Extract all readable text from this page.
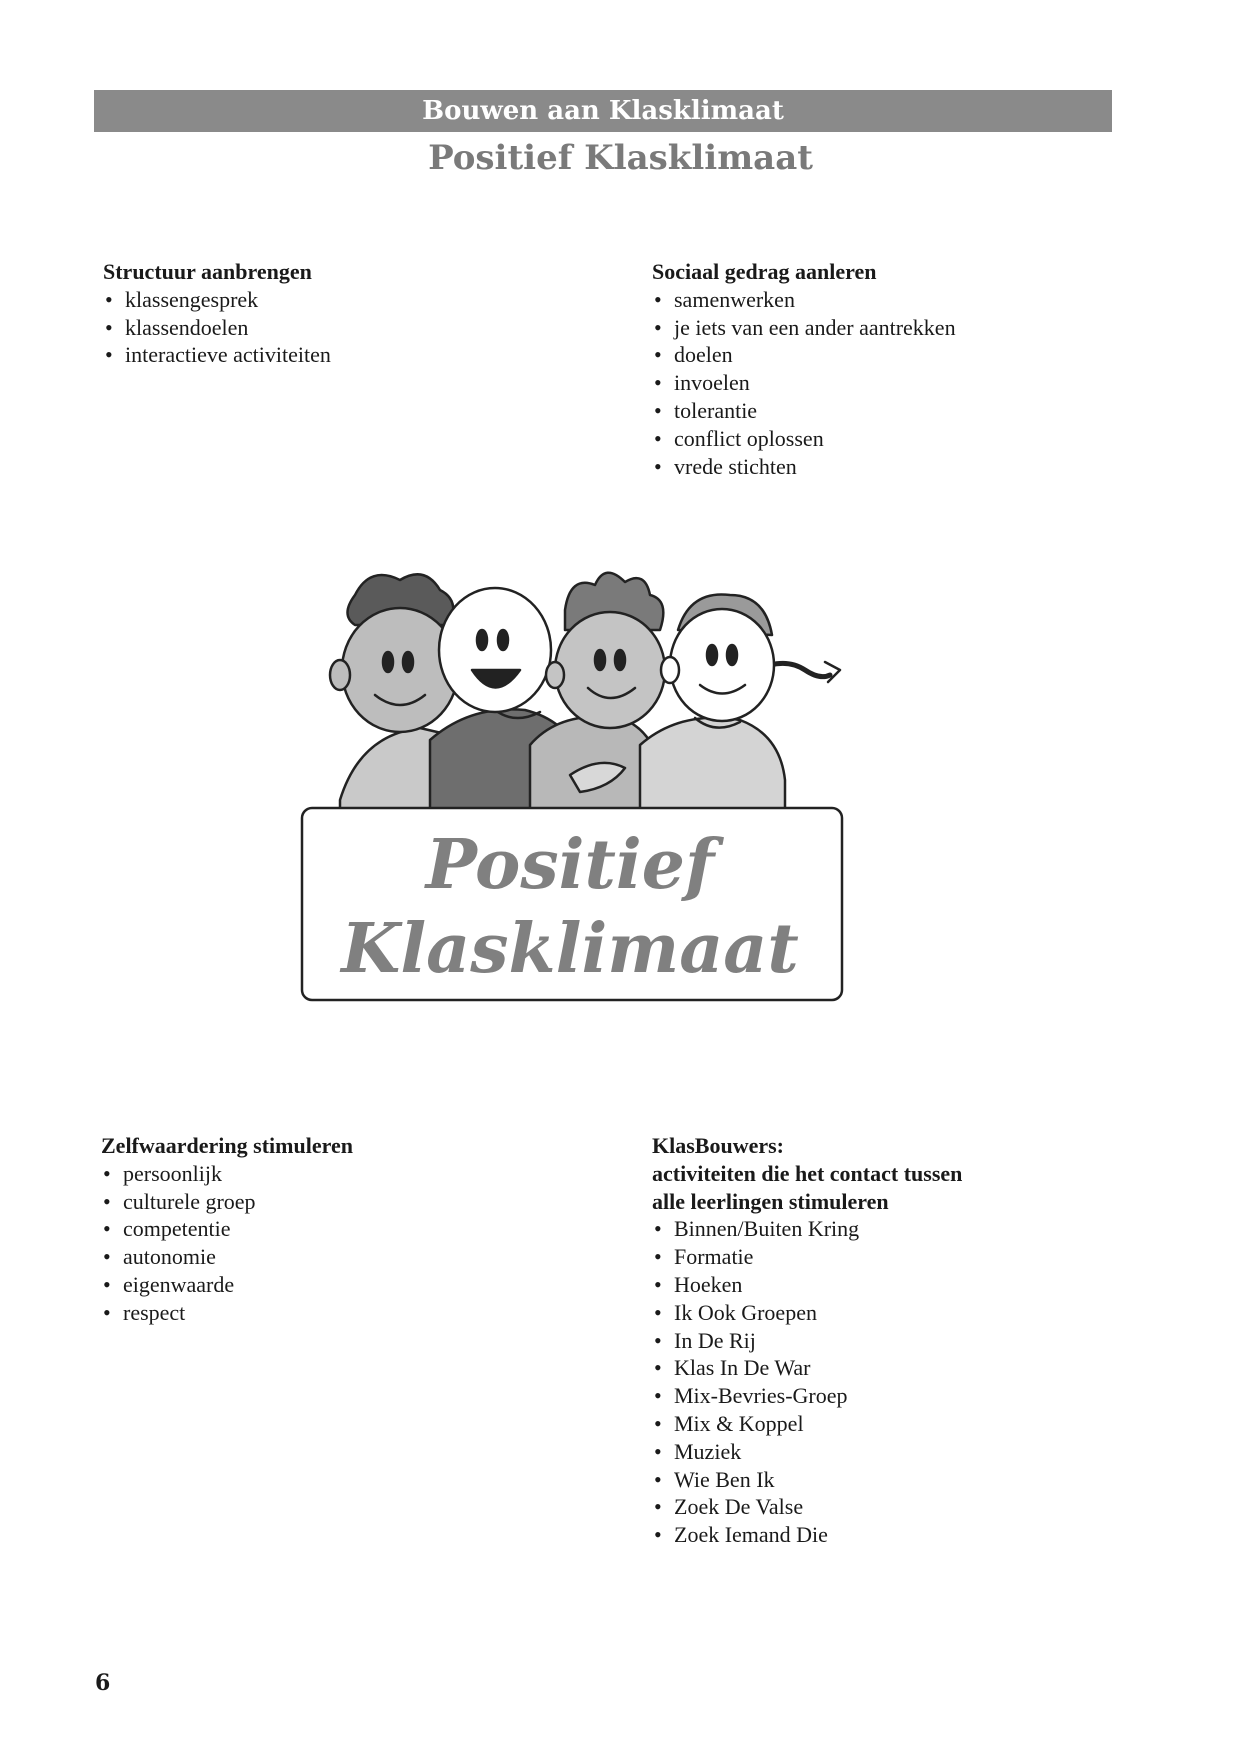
Bouwen aan Klasklimaat
Positief Klasklimaat
Structuur aanbrengen
• klassengesprek
• klassendoelen
• interactieve activiteiten
Sociaal gedrag aanleren
• samenwerken
• je iets van een ander aantrekken
• doelen
• invoelen
• tolerantie
• conflict oplossen
• vrede stichten
Positief
Klasklimaat
Zelfwaardering stimuleren
• persoonlijk
• culturele groep
• competentie
• autonomie
• eigenwaarde
• respect
KlasBouwers:
activiteiten die het contact tussen
alle leerlingen stimuleren
• Binnen/Buiten Kring
• Formatie
• Hoeken
• Ik Ook Groepen
• In De Rij
• Klas In De War
• Mix-Bevries-Groep
• Mix & Koppel
• Muziek
• Wie Ben Ik
• Zoek De Valse
• Zoek Iemand Die
6
